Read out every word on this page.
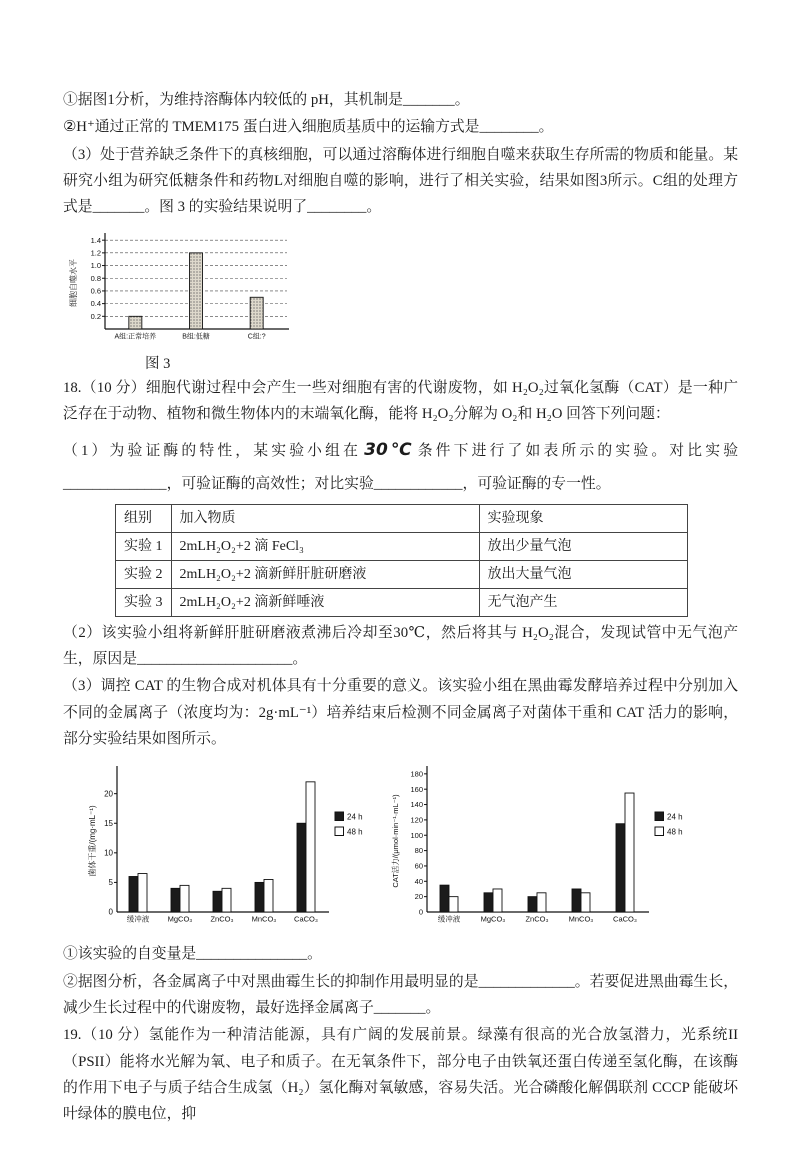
①据图1分析，为维持溶酶体内较低的 pH，其机制是_______。

②H⁺通过正常的 TMEM175 蛋白进入细胞质基质中的运输方式是________。

（3）处于营养缺乏条件下的真核细胞，可以通过溶酶体进行细胞自噬来获取生存所需的物质和能量。某研究小组为研究低糖条件和药物L对细胞自噬的影响，进行了相关实验，结果如图3所示。C组的处理方式是_______。图 3 的实验结果说明了________。

0.2
0.4
0.6
0.8
1.0
1.2
1.4
A组:正常培养	B组:低糖	C组:?
细胞自噬水平
图 3

18.（10 分）细胞代谢过程中会产生一些对细胞有害的代谢废物，如 H₂O₂过氧化氢酶（CAT）是一种广泛存在于动物、植物和微生物体内的末端氧化酶，能将 H₂O₂分解为 O₂和 H₂O 回答下列问题：

（1）为验证酶的特性，某实验小组在 30℃ 条件下进行了如表所示的实验。对比实验______________，可验证酶的高效性；对比实验____________，可验证酶的专一性。

组别	加入物质	实验现象
实验 1	2mLH₂O₂+2 滴 FeCl₃	放出少量气泡
实验 2	2mLH₂O₂+2 滴新鲜肝脏研磨液	放出大量气泡
实验 3	2mLH₂O₂+2 滴新鲜唾液	无气泡产生

（2）该实验小组将新鲜肝脏研磨液煮沸后冷却至30℃，然后将其与 H₂O₂混合，发现试管中无气泡产生，原因是_____________________。

（3）调控 CAT 的生物合成对机体具有十分重要的意义。该实验小组在黑曲霉发酵培养过程中分别加入不同的金属离子（浓度均为：2g·mL⁻¹）培养结束后检测不同金属离子对菌体干重和 CAT 活力的影响，部分实验结果如图所示。

0
5
10
15
20
缓冲液 MgCO₃ ZnCO₃ MnCO₃ CaCO₃
菌体干重/(mg·mL⁻¹)	24 h
48 h
0
20
40
60
80
100
120
140
160
180
缓冲液	MgCO₃	ZnCO₃	MnCO₃	CaCO₃
CAT活力/(μmol·min⁻¹·mL⁻¹)	24 h
48 h

①该实验的自变量是_______________。

②据图分析，各金属离子中对黑曲霉生长的抑制作用最明显的是_____________。若要促进黑曲霉生长，减少生长过程中的代谢废物，最好选择金属离子_______。

19.（10 分）氢能作为一种清洁能源，具有广阔的发展前景。绿藻有很高的光合放氢潜力，光系统II（PSII）能将水光解为氧、电子和质子。在无氧条件下，部分电子由铁氧还蛋白传递至氢化酶，在该酶的作用下电子与质子结合生成氢（H₂）氢化酶对氧敏感，容易失活。光合磷酸化解偶联剂 CCCP 能破坏叶绿体的膜电位，抑
